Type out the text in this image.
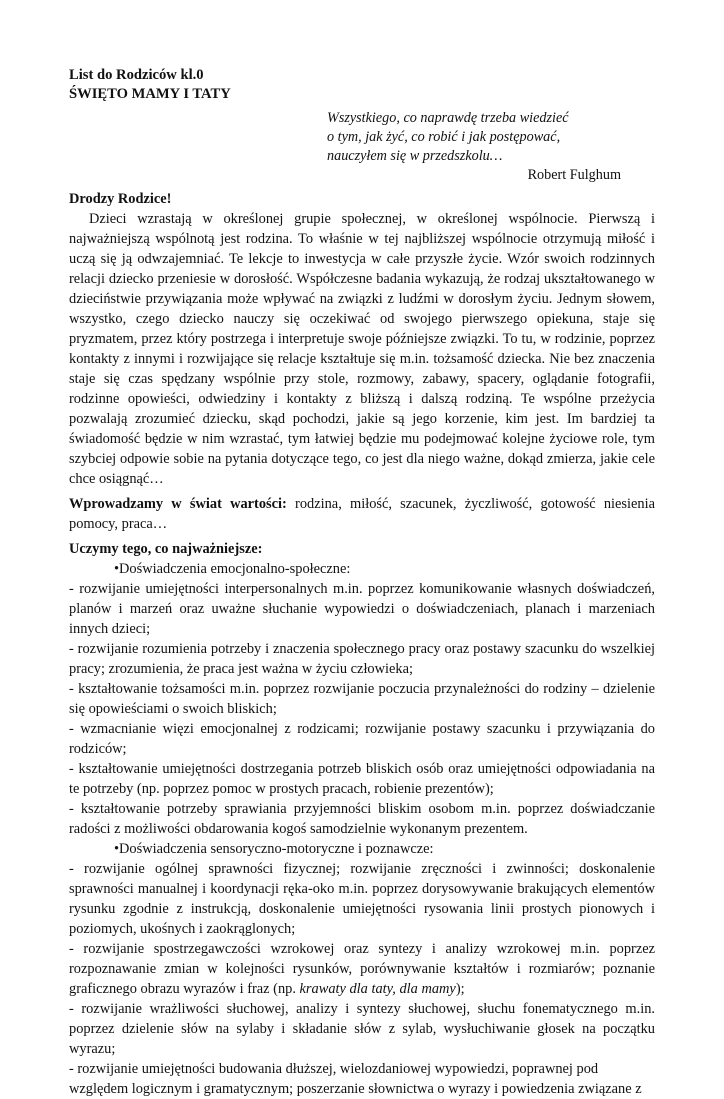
List do Rodziców kl.0
ŚWIĘTO MAMY I TATY
Wszystkiego, co naprawdę trzeba wiedzieć
o tym, jak żyć, co robić i jak postępować,
nauczyłem się w przedszkolu…
Robert Fulghum
Drodzy Rodzice!

Dzieci wzrastają w określonej grupie społecznej, w określonej wspólnocie. Pierwszą i najważniejszą wspólnotą jest rodzina. To właśnie w tej najbliższej wspólnocie otrzymują miłość i uczą się ją odwzajemniać. Te lekcje to inwestycja w całe przyszłe życie. Wzór swoich rodzinnych relacji dziecko przeniesie w dorosłość. Współczesne badania wykazują, że rodzaj ukształtowanego w dzieciństwie przywiązania może wpływać na związki z ludźmi w dorosłym życiu. Jednym słowem, wszystko, czego dziecko nauczy się oczekiwać od swojego pierwszego opiekuna, staje się pryzmatem, przez który postrzega i interpretuje swoje późniejsze związki. To tu, w rodzinie, poprzez kontakty z innymi i rozwijające się relacje kształtuje się m.in. tożsamość dziecka. Nie bez znaczenia staje się czas spędzany wspólnie przy stole, rozmowy, zabawy, spacery, oglądanie fotografii, rodzinne opowieści, odwiedziny i kontakty z bliższą i dalszą rodziną. Te wspólne przeżycia pozwalają zrozumieć dziecku, skąd pochodzi, jakie są jego korzenie, kim jest. Im bardziej ta świadomość będzie w nim wzrastać, tym łatwiej będzie mu podejmować kolejne życiowe role, tym szybciej odpowie sobie na pytania dotyczące tego, co jest dla niego ważne, dokąd zmierza, jakie cele chce osiągnąć…

Wprowadzamy w świat wartości: rodzina, miłość, szacunek, życzliwość, gotowość niesienia pomocy, praca…

Uczymy tego, co najważniejsze:
•Doświadczenia emocjonalno-społeczne:

- rozwijanie umiejętności interpersonalnych m.in. poprzez komunikowanie własnych doświadczeń, planów i marzeń oraz uważne słuchanie wypowiedzi o doświadczeniach, planach i marzeniach innych dzieci;

- rozwijanie rozumienia potrzeby i znaczenia społecznego pracy oraz postawy szacunku do wszelkiej pracy; zrozumienia, że praca jest ważna w życiu człowieka;

- kształtowanie tożsamości m.in. poprzez rozwijanie poczucia przynależności do rodziny – dzielenie się opowieściami o swoich bliskich;

- wzmacnianie więzi emocjonalnej z rodzicami; rozwijanie postawy szacunku i przywiązania do rodziców;

- kształtowanie umiejętności dostrzegania potrzeb bliskich osób oraz umiejętności odpowiadania na te potrzeby (np. poprzez pomoc w prostych pracach, robienie prezentów);

- kształtowanie potrzeby sprawiania przyjemności bliskim osobom m.in. poprzez doświadczanie radości z możliwości obdarowania kogoś samodzielnie wykonanym prezentem.

•Doświadczenia sensoryczno-motoryczne i poznawcze:

- rozwijanie ogólnej sprawności fizycznej; rozwijanie zręczności i zwinności; doskonalenie sprawności manualnej i koordynacji ręka-oko m.in. poprzez dorysowywanie brakujących elementów rysunku zgodnie z instrukcją, doskonalenie umiejętności rysowania linii prostych pionowych i poziomych, ukośnych i zaokrąglonych;

- rozwijanie spostrzegawczości wzrokowej oraz syntezy i analizy wzrokowej m.in. poprzez rozpoznawanie zmian w kolejności rysunków, porównywanie kształtów i rozmiarów; poznanie graficznego obrazu wyrazów i fraz (np. krawaty dla taty, dla mamy);

- rozwijanie wrażliwości słuchowej, analizy i syntezy słuchowej, słuchu fonematycznego m.in. poprzez dzielenie słów na sylaby i składanie słów z sylab, wysłuchiwanie głosek na początku wyrazu;

- rozwijanie umiejętności budowania dłuższej, wielozdaniowej wypowiedzi, poprawnej pod względem logicznym i gramatycznym; poszerzanie słownictwa o wyrazy i powiedzenia związane z
